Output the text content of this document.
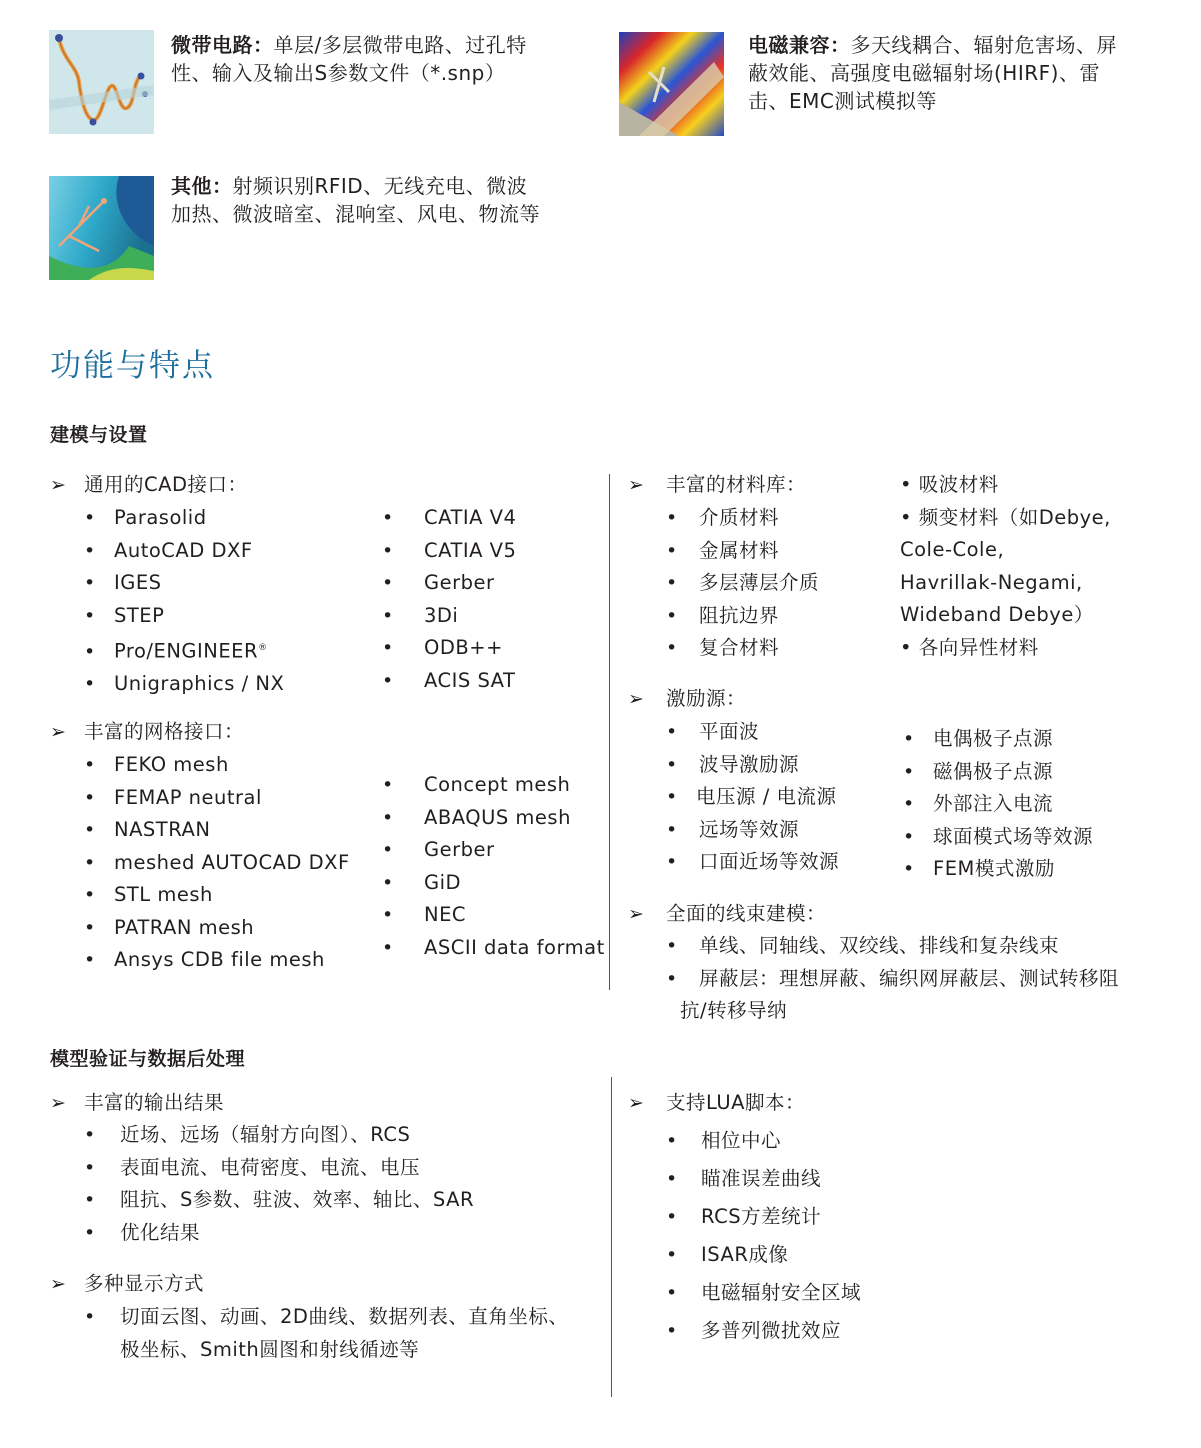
微带电路：单层/多层微带电路、过孔特
性、输入及输出S参数文件（*.snp）
电磁兼容：多天线耦合、辐射危害场、屏
蔽效能、高强度电磁辐射场(HIRF)、雷
击、EMC测试模拟等
其他：射频识别RFID、无线充电、微波
加热、微波暗室、混响室、风电、物流等
功能与特点
建模与设置
➢ 通用的CAD接口：
• Parasolid
• AutoCAD DXF
• IGES
• STEP
• Pro/ENGINEER®
• Unigraphics / NX
• CATIA V4
• CATIA V5
• Gerber
• 3Di
• ODB++
• ACIS SAT
➢ 丰富的网格接口：
• FEKO mesh
• FEMAP neutral
• NASTRAN
• meshed AUTOCAD DXF
• STL mesh
• PATRAN mesh
• Ansys CDB file mesh
• Concept mesh
• ABAQUS mesh
• Gerber
• GiD
• NEC
• ASCII data format
➢ 丰富的材料库：
• 介质材料
• 金属材料
• 多层薄层介质
• 阻抗边界
• 复合材料
• 吸波材料
• 频变材料（如Debye,
Cole-Cole,
Havrillak-Negami,
Wideband Debye）
• 各向异性材料
➢ 激励源：
• 平面波
• 波导激励源
• 电压源 / 电流源
• 远场等效源
• 口面近场等效源
• 电偶极子点源
• 磁偶极子点源
• 外部注入电流
• 球面模式场等效源
• FEM模式激励
➢ 全面的线束建模：
• 单线、同轴线、双绞线、排线和复杂线束
• 屏蔽层：理想屏蔽、编织网屏蔽层、测试转移阻
抗/转移导纳
模型验证与数据后处理
➢ 丰富的输出结果
• 近场、远场（辐射方向图）、RCS
• 表面电流、电荷密度、电流、电压
• 阻抗、S参数、驻波、效率、轴比、SAR
• 优化结果
➢ 多种显示方式
• 切面云图、动画、2D曲线、数据列表、直角坐标、
极坐标、Smith圆图和射线循迹等
➢ 支持LUA脚本：
• 相位中心
• 瞄准误差曲线
• RCS方差统计
• ISAR成像
• 电磁辐射安全区域
• 多普列微扰效应
